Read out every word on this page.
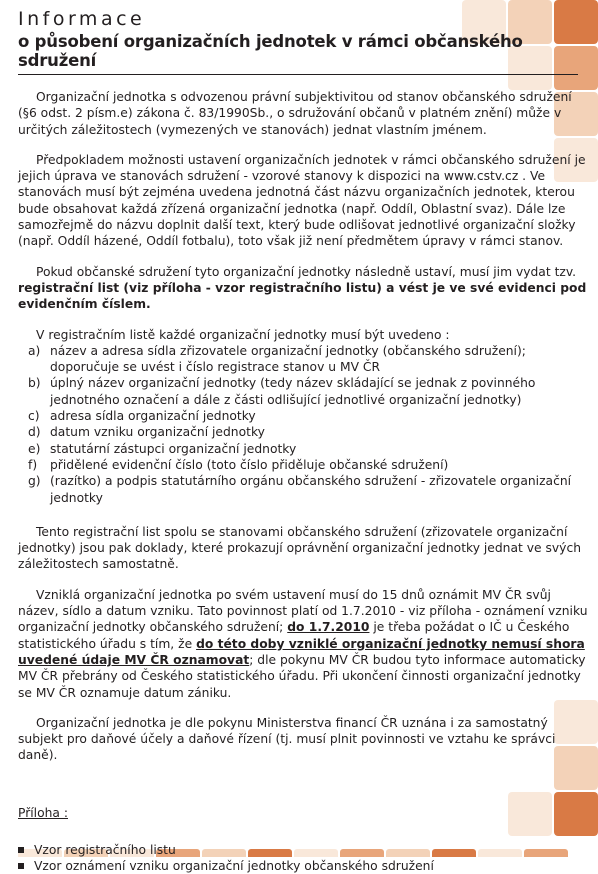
Informace
o působení organizačních jednotek v rámci občanského sdružení

Organizační jednotka s odvozenou právní subjektivitou od stanov občanského sdružení (§6 odst. 2 písm.e) zákona č. 83/1990Sb., o sdružování občanů v platném znění) může v určitých záležitostech (vymezených ve stanovách) jednat vlastním jménem.

Předpokladem možnosti ustavení organizačních jednotek v rámci občanského sdružení je jejich úprava ve stanovách sdružení - vzorové stanovy k dispozici na www.cstv.cz . Ve stanovách musí být zejména uvedena jednotná část názvu organizačních jednotek, kterou bude obsahovat každá zřízená organizační jednotka (např. Oddíl, Oblastní svaz). Dále lze samozřejmě do názvu doplnit další text, který bude odlišovat jednotlivé organizační složky (např. Oddíl házené, Oddíl fotbalu), toto však již není předmětem úpravy v rámci stanov.

Pokud občanské sdružení tyto organizační jednotky následně ustaví, musí jim vydat tzv. registrační list (viz příloha - vzor registračního listu) a vést je ve své evidenci pod evidenčním číslem.

V registračním listě každé organizační jednotky musí být uvedeno :

a) název a adresa sídla zřizovatele organizační jednotky (občanského sdružení); doporučuje se uvést i číslo registrace stanov u MV ČR
b) úplný název organizační jednotky (tedy název skládající se jednak z povinného jednotného označení a dále z části odlišující jednotlivé organizační jednotky)
c) adresa sídla organizační jednotky
d) datum vzniku organizační jednotky
e) statutární zástupci organizační jednotky
f) přidělené evidenční číslo (toto číslo přiděluje občanské sdružení)
g) (razítko) a podpis statutárního orgánu občanského sdružení - zřizovatele organizační jednotky

Tento registrační list spolu se stanovami občanského sdružení (zřizovatele organizační jednotky) jsou pak doklady, které prokazují oprávnění organizační jednotky jednat ve svých záležitostech samostatně.

Vzniklá organizační jednotka po svém ustavení musí do 15 dnů oznámit MV ČR svůj název, sídlo a datum vzniku. Tato povinnost platí od 1.7.2010 - viz příloha - oznámení vzniku organizační jednotky občanského sdružení; do 1.7.2010 je třeba požádat o IČ u Českého statistického úřadu s tím, že do této doby vzniklé organizační jednotky nemusí shora uvedené údaje MV ČR oznamovat; dle pokynu MV ČR budou tyto informace automaticky MV ČR přebrány od Českého statistického úřadu. Při ukončení činnosti organizační jednotky se MV ČR oznamuje datum zániku.

Organizační jednotka je dle pokynu Ministerstva financí ČR uznána i za samostatný subjekt pro daňové účely a daňové řízení (tj. musí plnit povinnosti ve vztahu ke správci daně).

Příloha :
Vzor registračního listu
Vzor oznámení vzniku organizační jednotky občanského sdružení
